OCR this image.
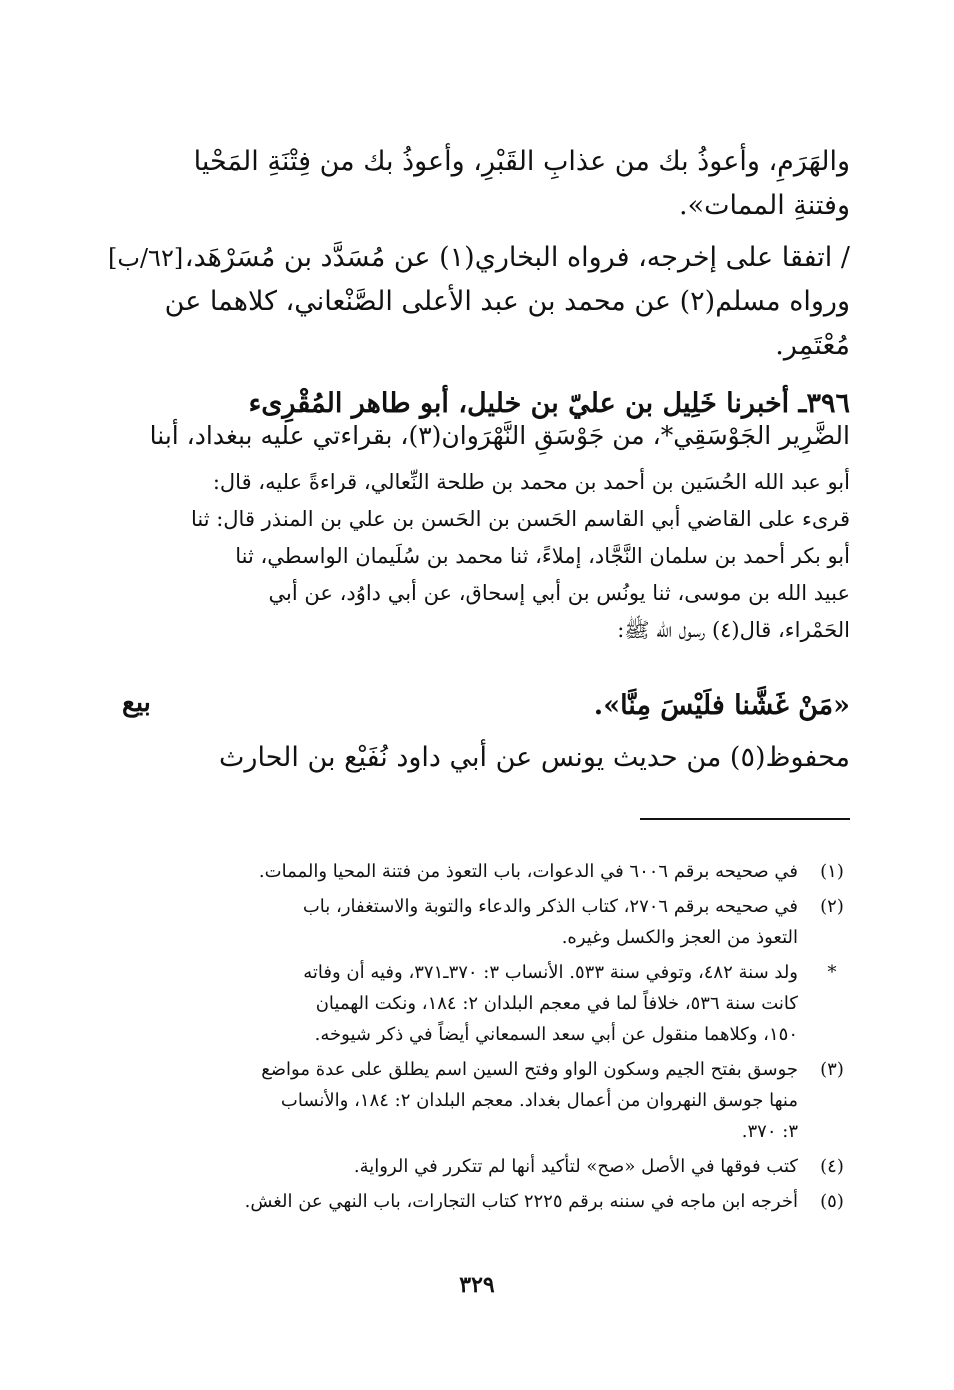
والهَرَمِ، وأعوذُ بك من عذابِ القَبْرِ، وأعوذُ بك من فِتْنَةِ المَحْيا
وفتنةِ الممات».
/ اتفقا على إخرجه، فرواه البخاري(١) عن مُسَدَّد بن مُسَرْهَد،
ورواه مسلم(٢) عن محمد بن عبد الأعلى الصَّنْعاني، كلاهما عن
مُعْتَمِر.
[٦٢/ب]
٣٩٦ـ أخبرنا خَلِيل بن عليّ بن خليل، أبو طاهر المُقْرِىء
الضَّرِير الجَوْسَقِي*، من جَوْسَقِ النَّهْرَوان(٣)، بقراءتي عليه ببغداد، أبنا
أبو عبد الله الحُسَين بن أحمد بن محمد بن طلحة النِّعالي، قراءةً عليه، قال:
قرىء على القاضي أبي القاسم الحَسن بن الحَسن بن علي بن المنذر قال: ثنا
أبو بكر أحمد بن سلمان النَّجَّاد، إملاءً، ثنا محمد بن سُلَيمان الواسطي، ثنا
عبيد الله بن موسى، ثنا يونُس بن أبي إسحاق، عن أبي داوُد، عن أبي
الحَمْراء، قال(٤) رسول الله ﷺ:
«مَنْ غَشَّنا فلَيْسَ مِنَّا».
بيع
محفوظ(٥) من حديث يونس عن أبي داود نُفَيْع بن الحارث
(١)
في صحيحه برقم ٦٠٠٦ في الدعوات، باب التعوذ من فتنة المحيا والممات.
(٢)
في صحيحه برقم ٢٧٠٦، كتاب الذكر والدعاء والتوبة والاستغفار، باب
التعوذ من العجز والكسل وغيره.
*
ولد سنة ٤٨٢، وتوفي سنة ٥٣٣. الأنساب ٣: ٣٧٠ـ٣٧١، وفيه أن وفاته
كانت سنة ٥٣٦، خلافاً لما في معجم البلدان ٢: ١٨٤، ونكت الهميان
١٥٠، وكلاهما منقول عن أبي سعد السمعاني أيضاً في ذكر شيوخه.
(٣)
جوسق بفتح الجيم وسكون الواو وفتح السين اسم يطلق على عدة مواضع
منها جوسق النهروان من أعمال بغداد. معجم البلدان ٢: ١٨٤، والأنساب
٣: ٣٧٠.
(٤)
كتب فوقها في الأصل «صح» لتأكيد أنها لم تتكرر في الرواية.
(٥)
أخرجه ابن ماجه في سننه برقم ٢٢٢٥ كتاب التجارات، باب النهي عن الغش.
٣٢٩
